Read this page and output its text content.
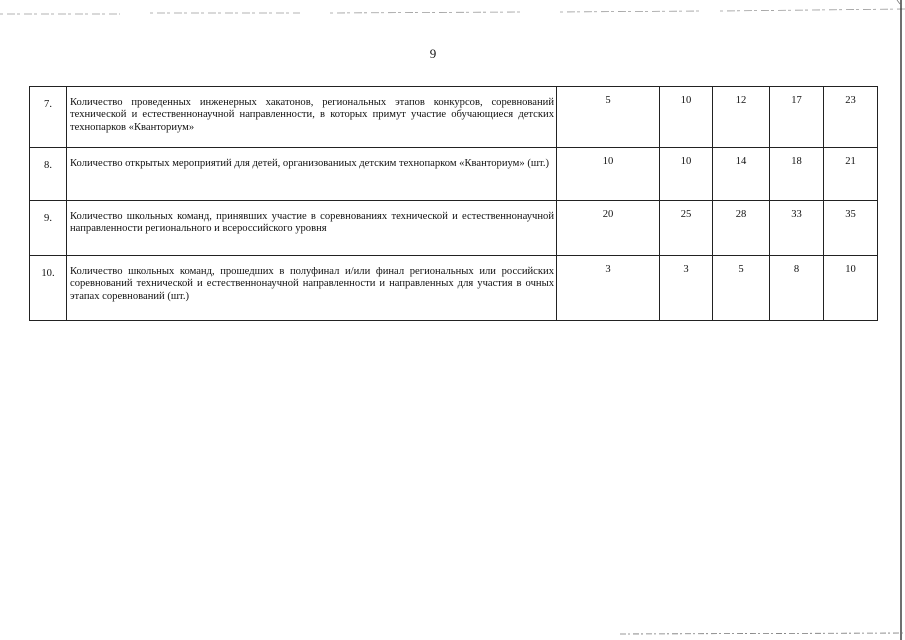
9
7.	Количество проведенных инженерных хакатонов, региональных этапов конкурсов, соревнований технической и естественнонаучной направленности, в которых примут участие обучающиеся детских технопарков «Кванториум»	5	10	12	17	23
8.	Количество открытых мероприятий для детей, организованиых детским технопарком «Кванториум» (шт.)	10	10	14	18	21
9.	Количество школьных команд, принявших участие в соревнованиях технической и естественнонаучной направленности регионального и всероссийского уровня	20	25	28	33	35
10.	Количество школьных команд, прошедших в полуфинал и/или финал региональных или российских соревнований технической и естественнонаучной направленности и направленных для участия в очных этапах соревнований (шт.)	3	3	5	8	10
